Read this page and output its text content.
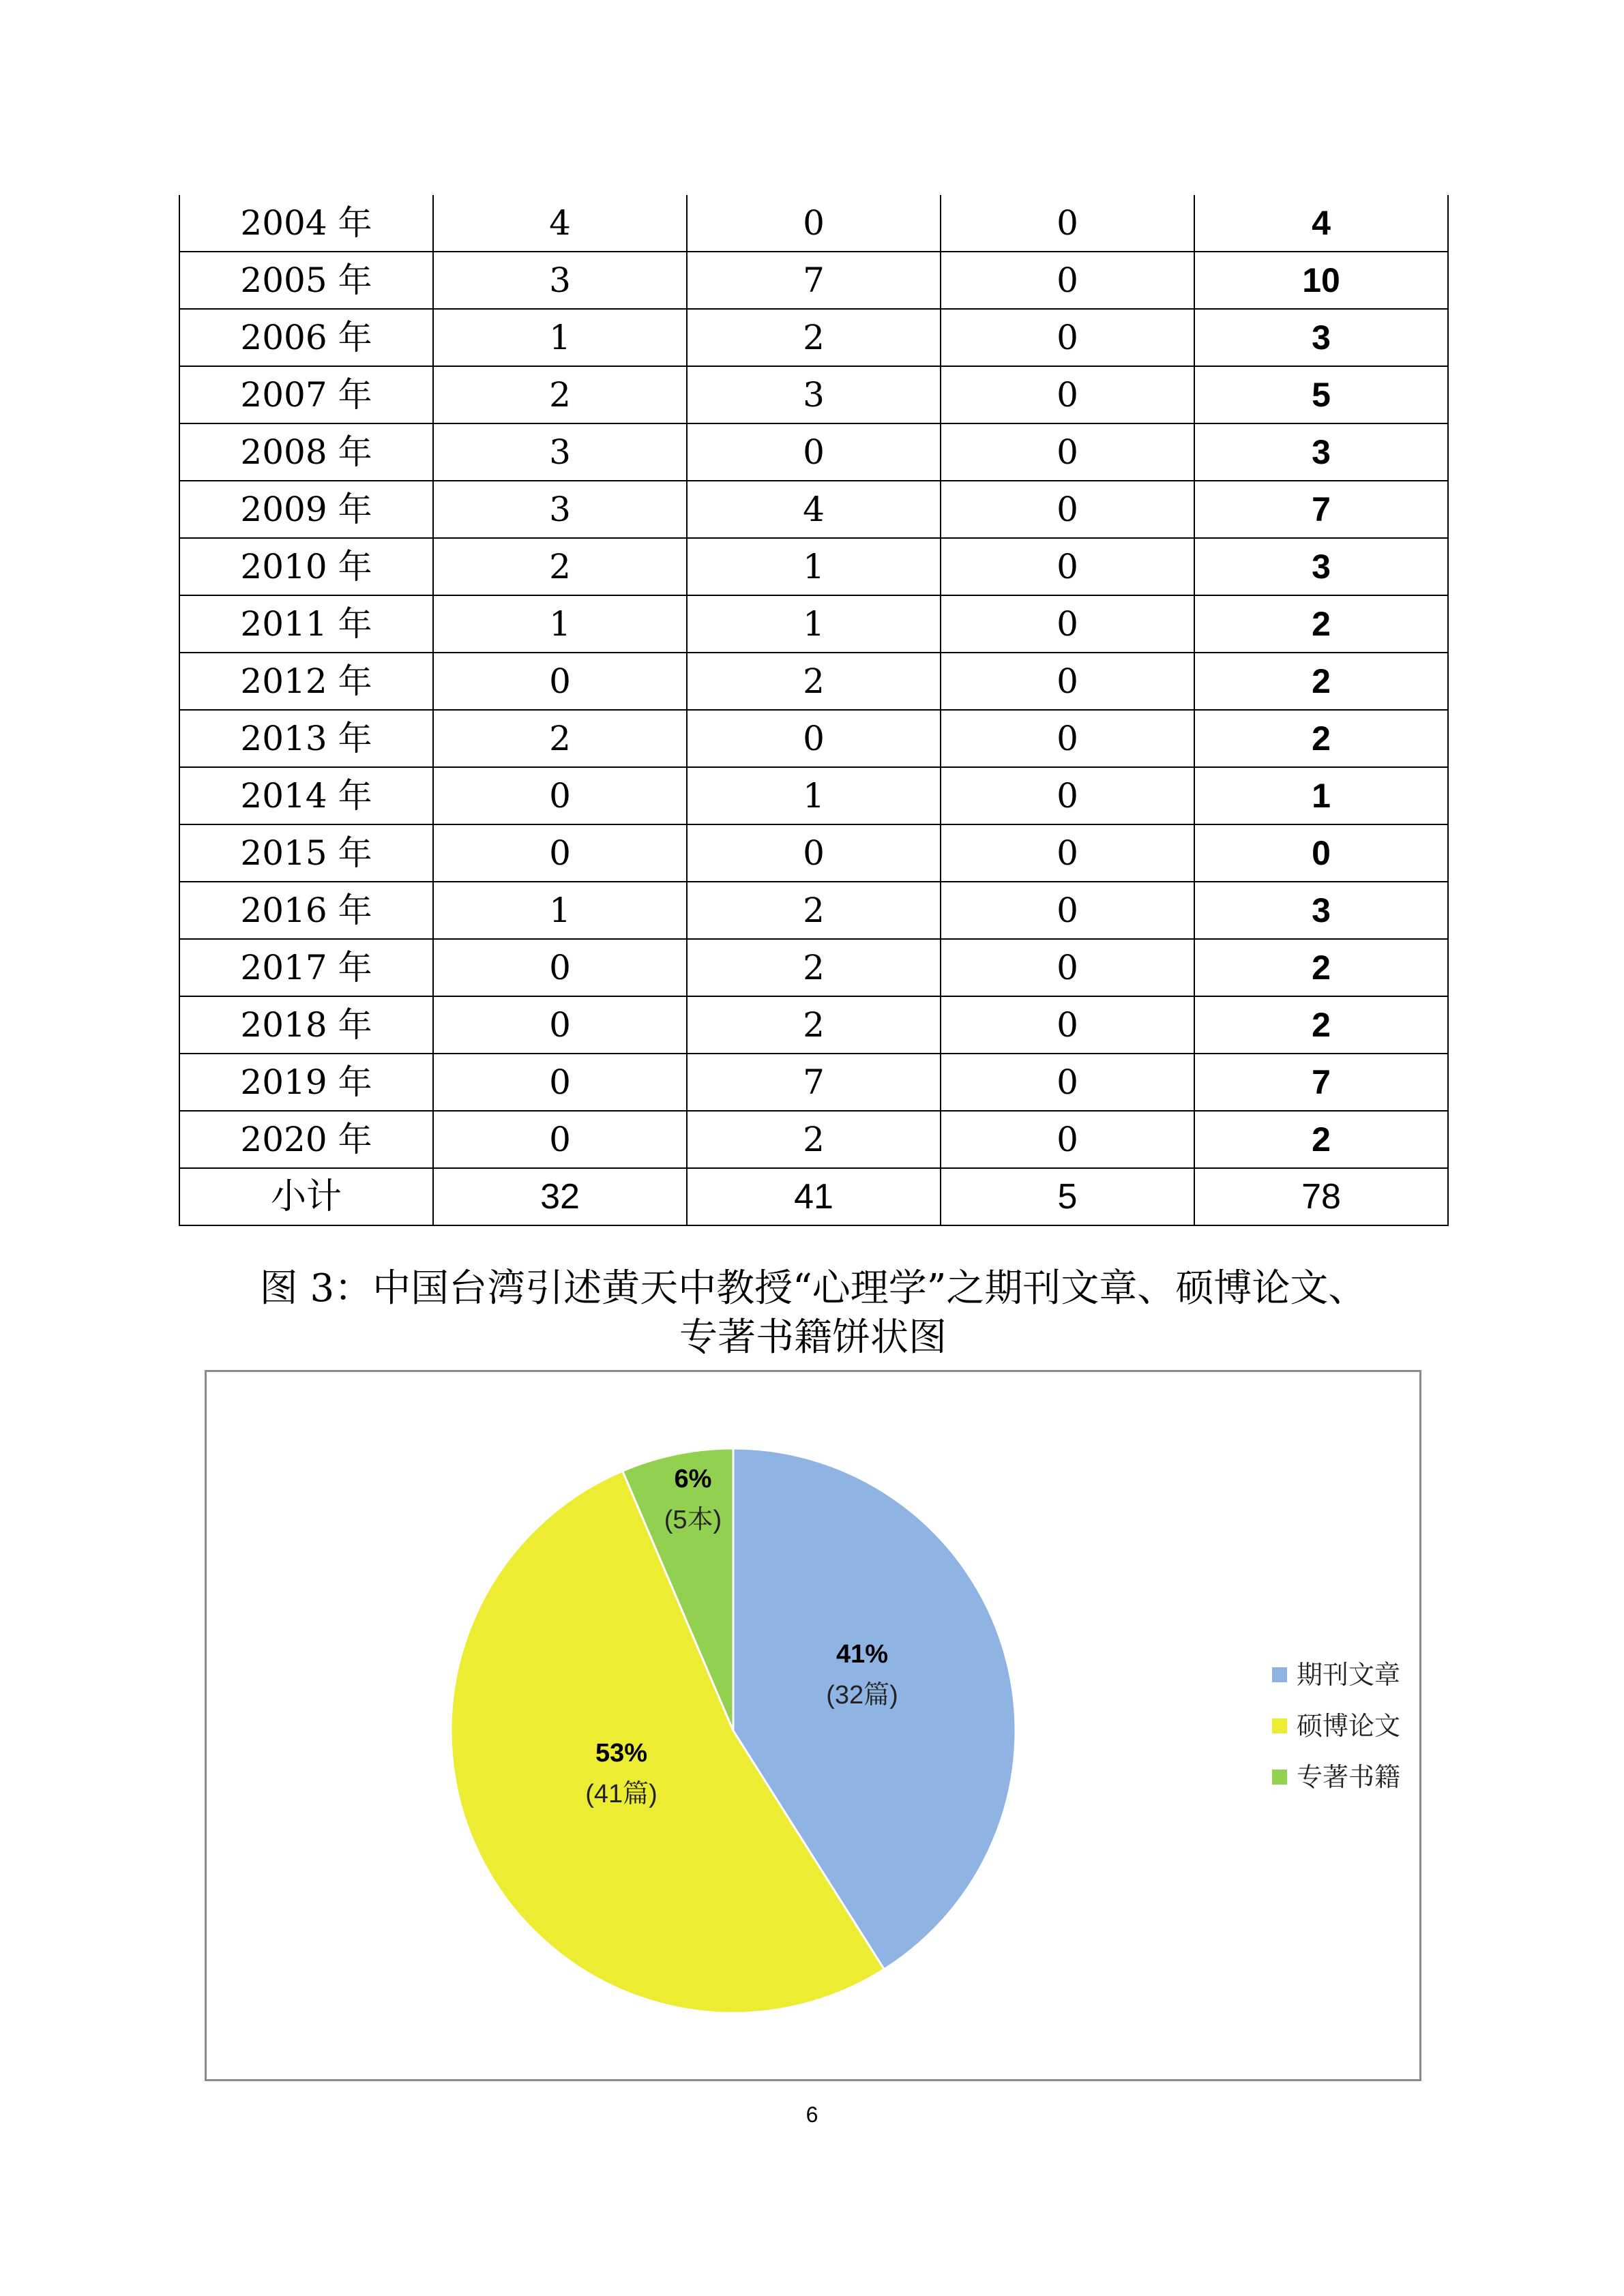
2004 年	4	0	0	4
2005 年	3	7	0	10
2006 年	1	2	0	3
2007 年	2	3	0	5
2008 年	3	0	0	3
2009 年	3	4	0	7
2010 年	2	1	0	3
2011 年	1	1	0	2
2012 年	0	2	0	2
2013 年	2	0	0	2
2014 年	0	1	0	1
2015 年	0	0	0	0
2016 年	1	2	0	3
2017 年	0	2	0	2
2018 年	0	2	0	2
2019 年	0	7	0	7
2020 年	0	2	0	2
小计	32	41	5	78
图 3：中国台湾引述黄天中教授“心理学”之期刊文章、硕博论文、
专著书籍饼状图
41%
(32篇)
53%
(41篇)
6%
(5本)
期刊文章
硕博论文
专著书籍
6
